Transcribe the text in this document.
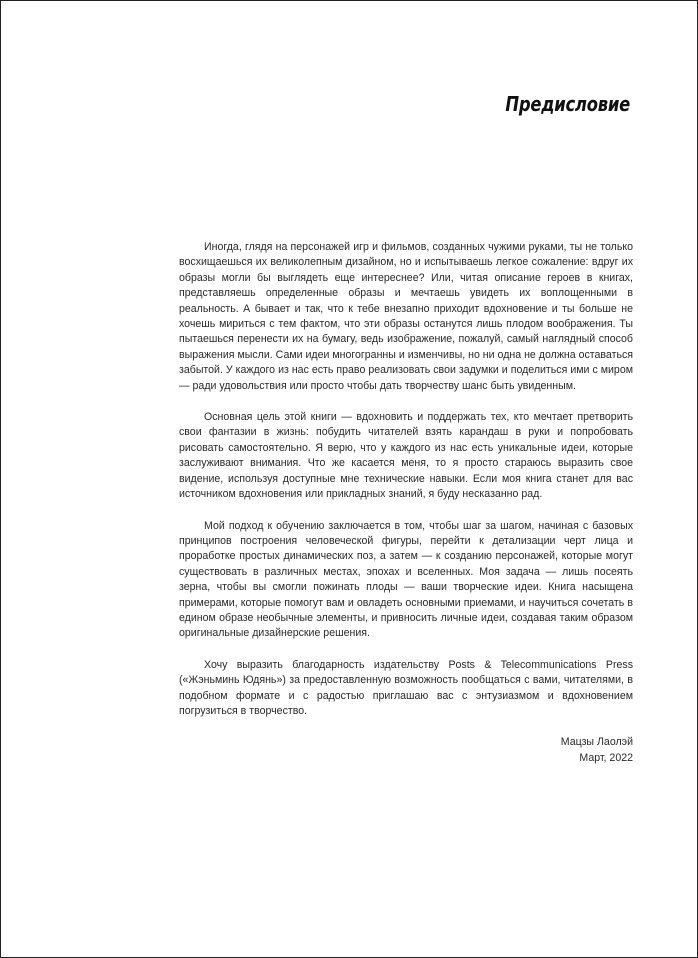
Предисловие

Иногда, глядя на персонажей игр и фильмов, созданных чужими руками, ты не только восхищаешься их великолепным дизайном, но и испытываешь легкое сожаление: вдруг их образы могли бы выглядеть еще интереснее? Или, читая описание героев в книгах, представляешь определенные образы и мечтаешь увидеть их воплощенными в реальность. А бывает и так, что к тебе внезапно приходит вдохновение и ты больше не хочешь мириться с тем фактом, что эти образы останутся лишь плодом воображения. Ты пытаешься перенести их на бумагу, ведь изображение, пожалуй, самый наглядный способ выражения мысли. Сами идеи многогранны и изменчивы, но ни одна не должна оставаться забытой. У каждого из нас есть право реализовать свои задумки и поделиться ими с миром — ради удовольствия или просто чтобы дать творчеству шанс быть увиденным.

Основная цель этой книги — вдохновить и поддержать тех, кто мечтает претворить свои фантазии в жизнь: побудить читателей взять карандаш в руки и попробовать рисовать самостоятельно. Я верю, что у каждого из нас есть уникальные идеи, которые заслуживают внимания. Что же касается меня, то я просто стараюсь выразить свое видение, используя доступные мне технические навыки. Если моя книга станет для вас источником вдохновения или прикладных знаний, я буду несказанно рад.

Мой подход к обучению заключается в том, чтобы шаг за шагом, начиная с базовых принципов построения человеческой фигуры, перейти к детализации черт лица и проработке простых динамических поз, а затем — к созданию персонажей, которые могут существовать в различных местах, эпохах и вселенных. Моя задача — лишь посеять зерна, чтобы вы смогли пожинать плоды — ваши творческие идеи. Книга насыщена примерами, которые помогут вам и овладеть основными приемами, и научиться сочетать в едином образе необычные элементы, и привносить личные идеи, создавая таким образом оригинальные дизайнерские решения.

Хочу выразить благодарность издательству Posts & Telecommunications Press («Жэньминь Юдянь») за предоставленную возможность пообщаться с вами, читателями, в подобном формате и с радостью приглашаю вас с энтузиазмом и вдохновением погрузиться в творчество.

Мацзы Лаолэй
Март, 2022
